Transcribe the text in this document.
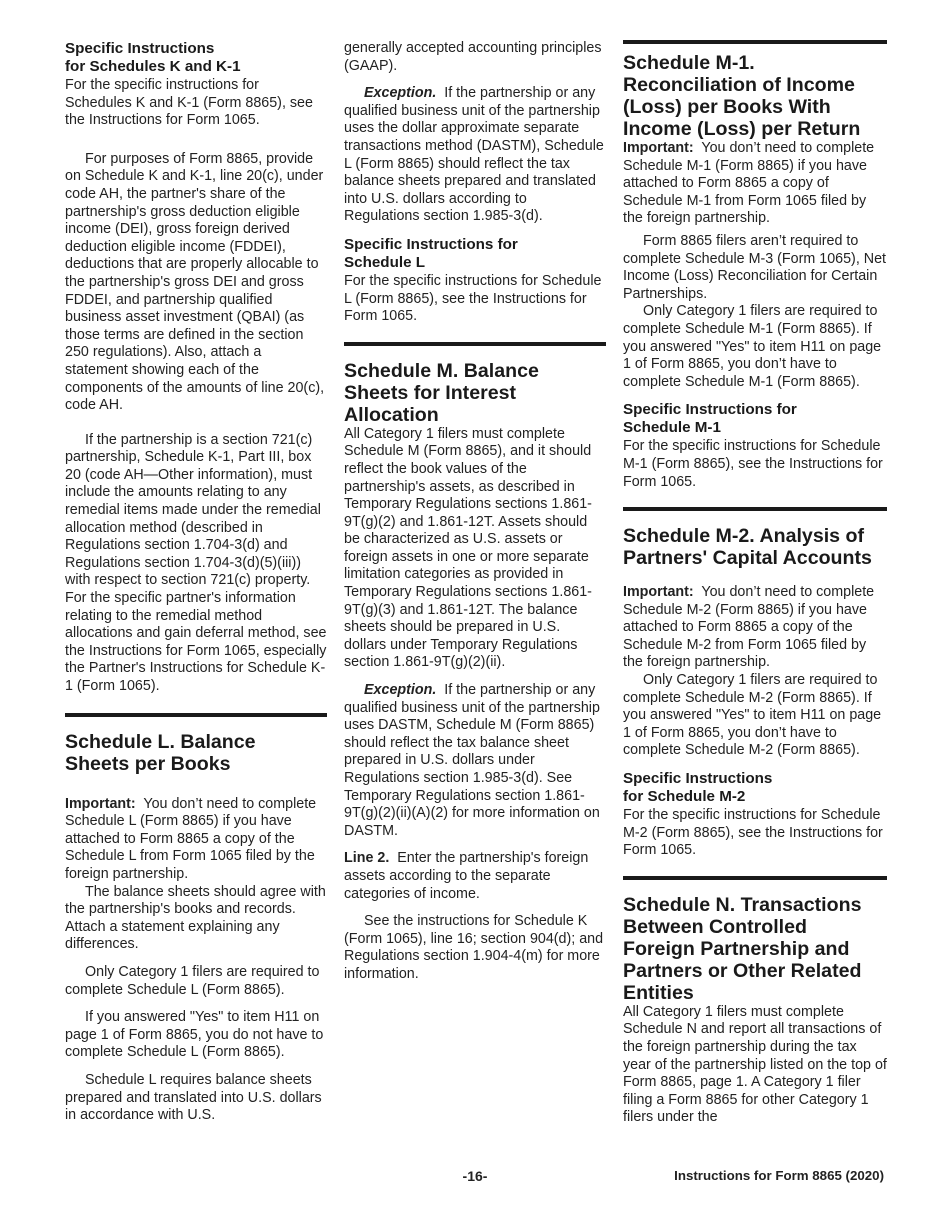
Specific Instructions
for Schedules K and K-1

For the specific instructions for Schedules K and K-1 (Form 8865), see the Instructions for Form 1065.

For purposes of Form 8865, provide on Schedule K and K-1, line 20(c), under code AH, the partner's share of the partnership's gross deduction eligible income (DEI), gross foreign derived deduction eligible income (FDDEI), deductions that are properly allocable to the partnership's gross DEI and gross FDDEI, and partnership qualified business asset investment (QBAI) (as those terms are defined in the section 250 regulations). Also, attach a statement showing each of the components of the amounts of line 20(c), code AH.

If the partnership is a section 721(c) partnership, Schedule K-1, Part III, box 20 (code AH—Other information), must include the amounts relating to any remedial items made under the remedial allocation method (described in Regulations section 1.704-3(d) and Regulations section 1.704-3(d)(5)(iii)) with respect to section 721(c) property. For the specific partner's information relating to the remedial method allocations and gain deferral method, see the Instructions for Form 1065, especially the Partner's Instructions for Schedule K-1 (Form 1065).

Schedule L. Balance
Sheets per Books

Important: You don’t need to complete Schedule L (Form 8865) if you have attached to Form 8865 a copy of the Schedule L from Form 1065 filed by the foreign partnership.

The balance sheets should agree with the partnership's books and records. Attach a statement explaining any differences.

Only Category 1 filers are required to complete Schedule L (Form 8865).

If you answered "Yes" to item H11 on page 1 of Form 8865, you do not have to complete Schedule L (Form 8865).

Schedule L requires balance sheets prepared and translated into U.S. dollars in accordance with U.S.

generally accepted accounting principles (GAAP).

Exception. If the partnership or any qualified business unit of the partnership uses the dollar approximate separate transactions method (DASTM), Schedule L (Form 8865) should reflect the tax balance sheets prepared and translated into U.S. dollars according to Regulations section 1.985-3(d).

Specific Instructions for
Schedule L

For the specific instructions for Schedule L (Form 8865), see the Instructions for Form 1065.

Schedule M. Balance
Sheets for Interest
Allocation

All Category 1 filers must complete Schedule M (Form 8865), and it should reflect the book values of the partnership's assets, as described in Temporary Regulations sections 1.861-9T(g)(2) and 1.861-12T. Assets should be characterized as U.S. assets or foreign assets in one or more separate limitation categories as provided in Temporary Regulations sections 1.861-9T(g)(3) and 1.861-12T. The balance sheets should be prepared in U.S. dollars under Temporary Regulations section 1.861-9T(g)(2)(ii).

Exception. If the partnership or any qualified business unit of the partnership uses DASTM, Schedule M (Form 8865) should reflect the tax balance sheet prepared in U.S. dollars under Regulations section 1.985-3(d). See Temporary Regulations section 1.861-9T(g)(2)(ii)(A)(2) for more information on DASTM.

Line 2. Enter the partnership's foreign assets according to the separate categories of income.

See the instructions for Schedule K (Form 1065), line 16; section 904(d); and Regulations section 1.904-4(m) for more information.

Schedule M-1.
Reconciliation of Income
(Loss) per Books With
Income (Loss) per Return

Important: You don’t need to complete Schedule M-1 (Form 8865) if you have attached to Form 8865 a copy of Schedule M-1 from Form 1065 filed by the foreign partnership.

Form 8865 filers aren’t required to complete Schedule M-3 (Form 1065), Net Income (Loss) Reconciliation for Certain Partnerships.

Only Category 1 filers are required to complete Schedule M-1 (Form 8865). If you answered "Yes" to item H11 on page 1 of Form 8865, you don’t have to complete Schedule M-1 (Form 8865).

Specific Instructions for
Schedule M-1

For the specific instructions for Schedule M-1 (Form 8865), see the Instructions for Form 1065.

Schedule M-2. Analysis of
Partners' Capital Accounts

Important: You don’t need to complete Schedule M-2 (Form 8865) if you have attached to Form 8865 a copy of the Schedule M-2 from Form 1065 filed by the foreign partnership.

Only Category 1 filers are required to complete Schedule M-2 (Form 8865). If you answered "Yes" to item H11 on page 1 of Form 8865, you don’t have to complete Schedule M-2 (Form 8865).

Specific Instructions
for Schedule M-2

For the specific instructions for Schedule M-2 (Form 8865), see the Instructions for Form 1065.

Schedule N. Transactions
Between Controlled
Foreign Partnership and
Partners or Other Related
Entities

All Category 1 filers must complete Schedule N and report all transactions of the foreign partnership during the tax year of the partnership listed on the top of Form 8865, page 1. A Category 1 filer filing a Form 8865 for other Category 1 filers under the

-16-	Instructions for Form 8865 (2020)
